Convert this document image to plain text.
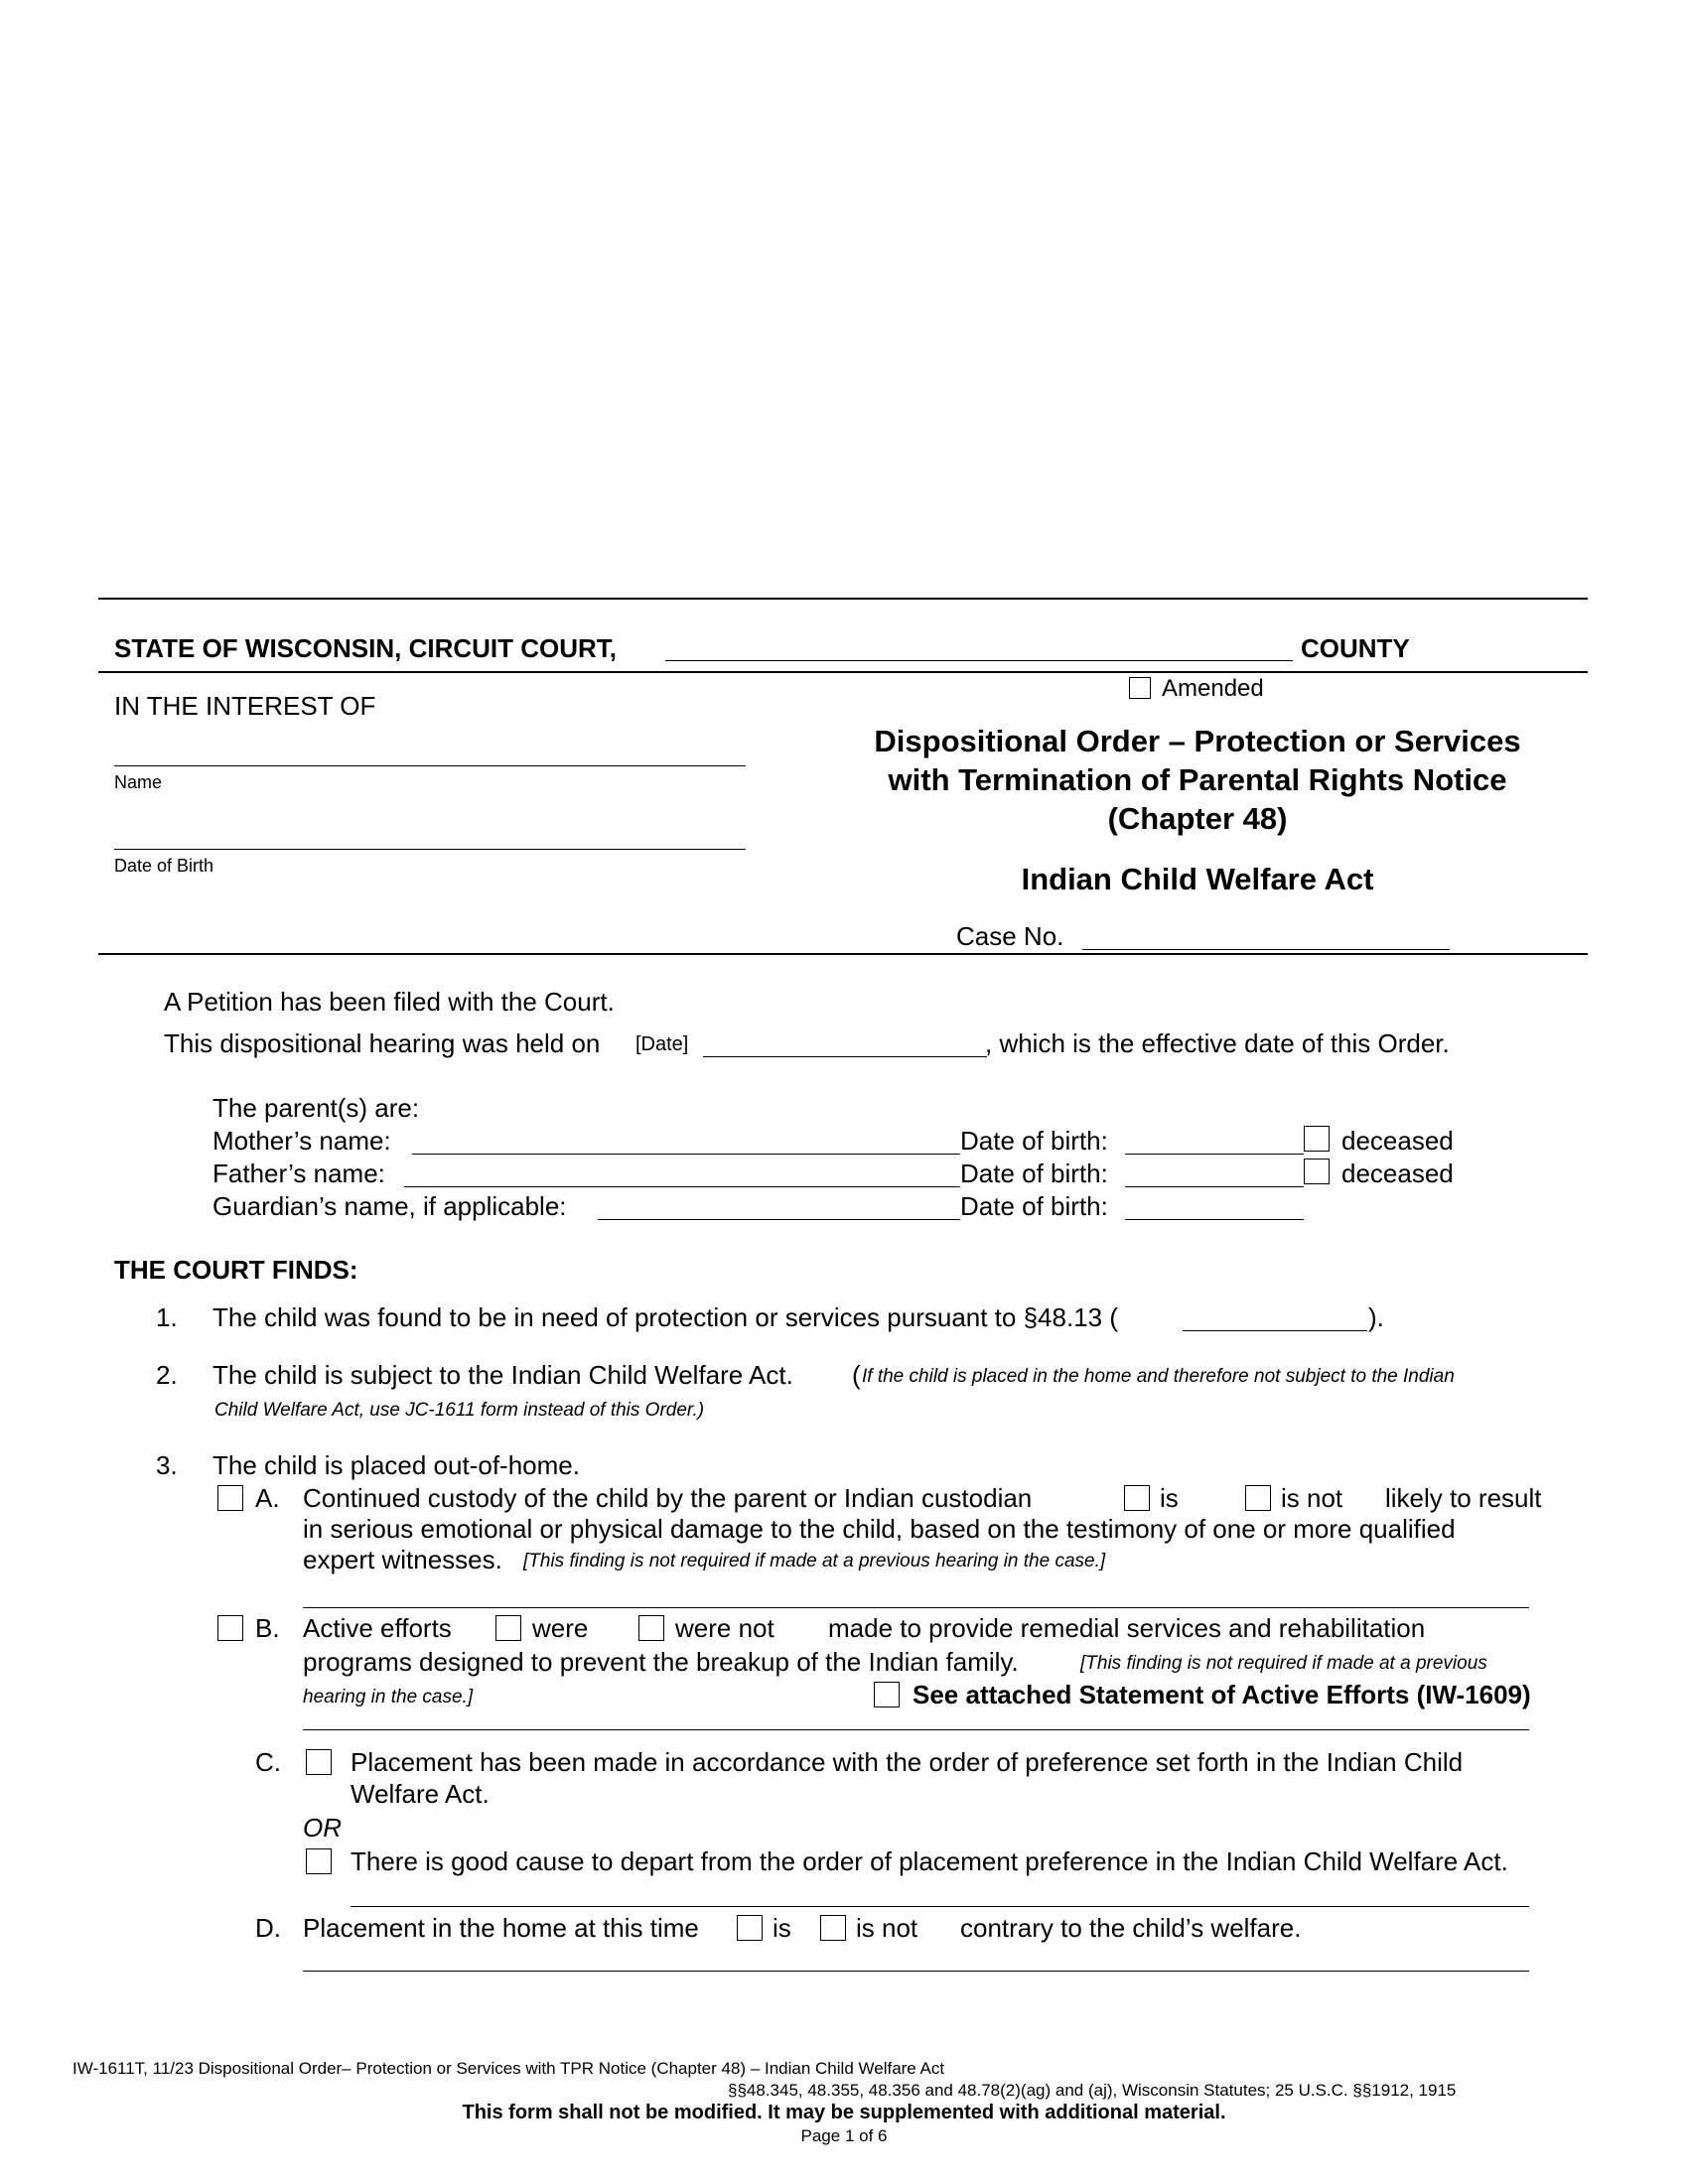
STATE OF WISCONSIN, CIRCUIT COURT,	COUNTY
Amended
IN THE INTEREST OF
Name
Date of Birth
Dispositional Order – Protection or Services
with Termination of Parental Rights Notice
(Chapter 48)
Indian Child Welfare Act
Case No.
A Petition has been filed with the Court.
This dispositional hearing was held on [Date]	, which is the effective date of this Order.
The parent(s) are:
Mother’s name:	Date of birth:	deceased
Father’s name:	Date of birth:	deceased
Guardian’s name, if applicable:	Date of birth:
THE COURT FINDS:
1. The child was found to be in need of protection or services pursuant to §48.13 (	).
2. The child is subject to the Indian Child Welfare Act. ( If the child is placed in the home and therefore not subject to the Indian
Child Welfare Act, use JC-1611 form instead of this Order.)
3. The child is placed out-of-home.
A. Continued custody of the child by the parent or Indian custodian	is	is not likely to result
in serious emotional or physical damage to the child, based on the testimony of one or more qualified
expert witnesses. [This finding is not required if made at a previous hearing in the case.]
B. Active efforts	were	were not made to provide remedial services and rehabilitation
programs designed to prevent the breakup of the Indian family.	[This finding is not required if made at a previous
hearing in the case.]	See attached Statement of Active Efforts (IW-1609)
C.	Placement has been made in accordance with the order of preference set forth in the Indian Child
Welfare Act.
OR
There is good cause to depart from the order of placement preference in the Indian Child Welfare Act.
D. Placement in the home at this time	is	is not contrary to the child’s welfare.
IW-1611T, 11/23 Dispositional Order– Protection or Services with TPR Notice (Chapter 48) – Indian Child Welfare Act
§§48.345, 48.355, 48.356 and 48.78(2)(ag) and (aj), Wisconsin Statutes; 25 U.S.C. §§1912, 1915
This form shall not be modified. It may be supplemented with additional material.
Page 1 of 6
